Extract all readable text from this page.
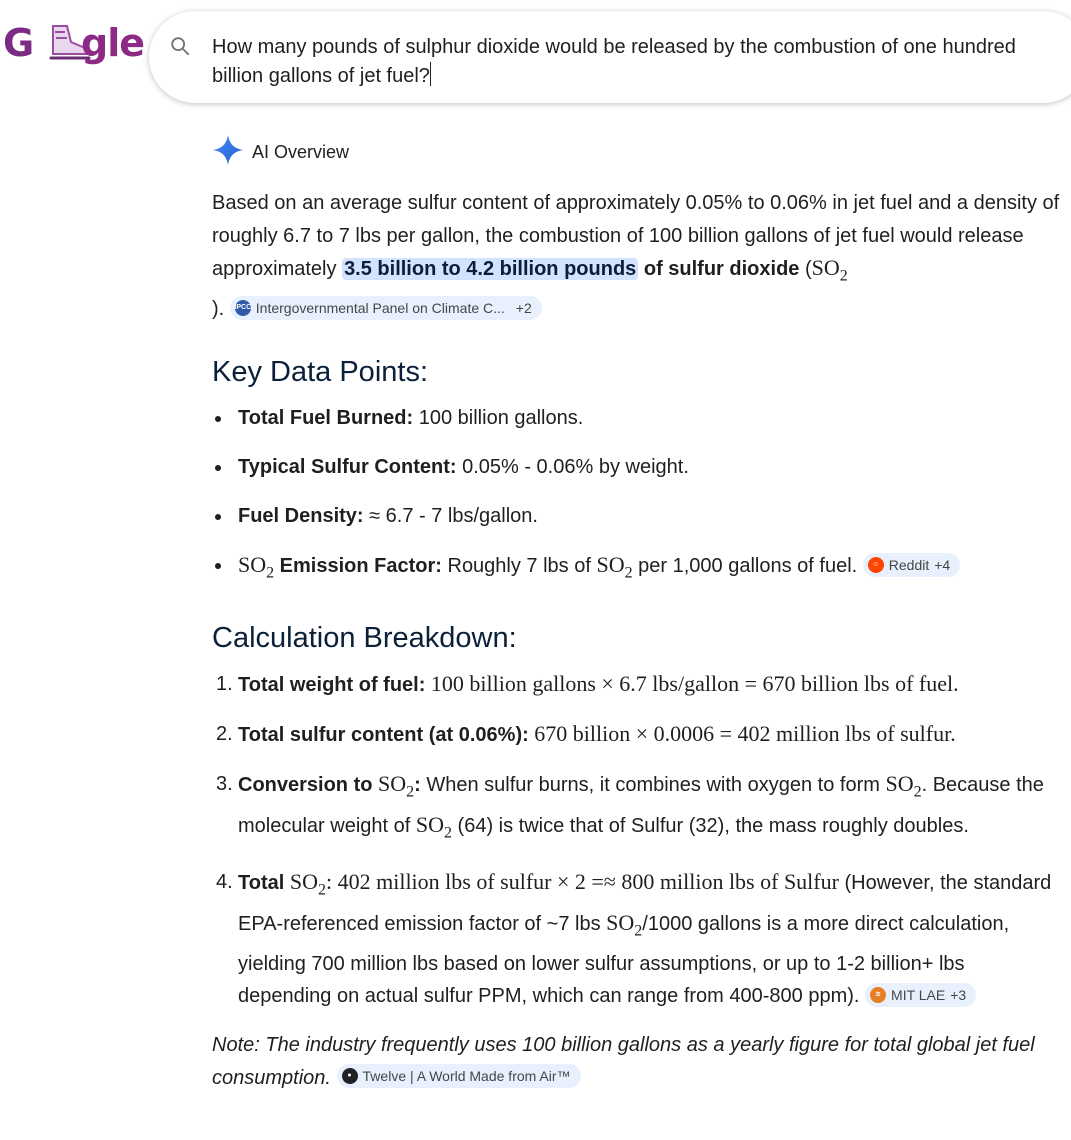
G gle	How many pounds of sulphur dioxide would be released by the combustion of one hundred billion gallons of jet fuel?
AI Overview

Based on an average sulfur content of approximately 0.05% to 0.06% in jet fuel and a density of roughly 6.7 to 7 lbs per gallon, the combustion of 100 billion gallons of jet fuel would release approximately 3.5 billion to 4.2 billion pounds of sulfur dioxide ($SO_2$
). IPCC Intergovernmental Panel on Climate C... +2

Key Data Points:
Total Fuel Burned: 100 billion gallons.
Typical Sulfur Content: 0.05% - 0.06% by weight.
Fuel Density: ≈ 6.7 - 7 lbs/gallon.
$SO_2$ Emission Factor: Roughly 7 lbs of $SO_2$ per 1,000 gallons of fuel.	☺ Reddit +4
Calculation Breakdown:
1. Total weight of fuel: 100 billion gallons × 6.7 lbs/gallon = 670 billion lbs of fuel.
2. Total sulfur content (at 0.06%): 670 billion × 0.0006 = 402 million lbs of sulfur.
3. Conversion to $SO_2$: When sulfur burns, it combines with oxygen to form $SO_2$. Because the molecular weight of $SO_2$ (64) is twice that of Sulfur (32), the mass roughly doubles.
4. Total $SO_2$: 402 million lbs of sulfur × 2 =≈ 800 million lbs of Sulfur (However, the standard EPA-referenced emission factor of ~7 lbs $SO_2/1000$ gallons is a more direct calculation, yielding 700 million lbs based on lower sulfur assumptions, or up to 1-2 billion+ lbs depending on actual sulfur PPM, which can range from 400-800 ppm).	≋ MIT LAE +3

Note: The industry frequently uses 100 billion gallons as a yearly figure for total global jet fuel consumption.	● Twelve | A World Made from Air™
